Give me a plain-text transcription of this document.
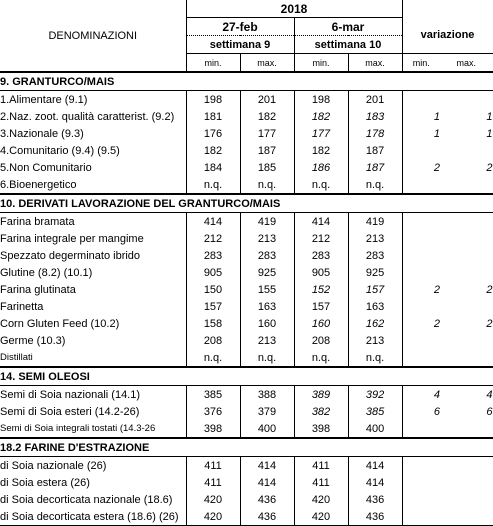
DENOMINAZIONI	2018					
	27-feb		6-mar		variazione	
	settimana 9		settimana 10			
	min.	max.	min.	max.	min.	max.
9. GRANTURCO/MAIS						
1.Alimentare (9.1)	198	201	198	201		
2.Naz. zoot. qualità caratterist. (9.2)	181	182	182	183	1	1
3.Nazionale (9.3)	176	177	177	178	1	1
4.Comunitario (9.4) (9.5)	182	187	182	187		
5.Non Comunitario	184	185	186	187	2	2
6.Bioenergetico	n.q.	n.q.	n.q.	n.q.		
10. DERIVATI LAVORAZIONE DEL GRANTURCO/MAIS						
Farina bramata	414	419	414	419		
Farina integrale per mangime	212	213	212	213		
Spezzato degerminato ibrido	283	283	283	283		
Glutine (8.2) (10.1)	905	925	905	925		
Farina glutinata	150	155	152	157	2	2
Farinetta	157	163	157	163		
Corn Gluten Feed (10.2)	158	160	160	162	2	2
Germe (10.3)	208	213	208	213		
Distillati	n.q.	n.q.	n.q.	n.q.		
14. SEMI OLEOSI						
Semi di Soia nazionali (14.1)	385	388	389	392	4	4
Semi di Soia esteri (14.2-26)	376	379	382	385	6	6
Semi di Soia integrali tostati (14.3-26	398	400	398	400		
18.2 FARINE D'ESTRAZIONE						
di Soia nazionale (26)	411	414	411	414		
di Soia estera (26)	411	414	411	414		
di Soia decorticata nazionale (18.6)	420	436	420	436		
di Soia decorticata estera (18.6) (26)	420	436	420	436		
